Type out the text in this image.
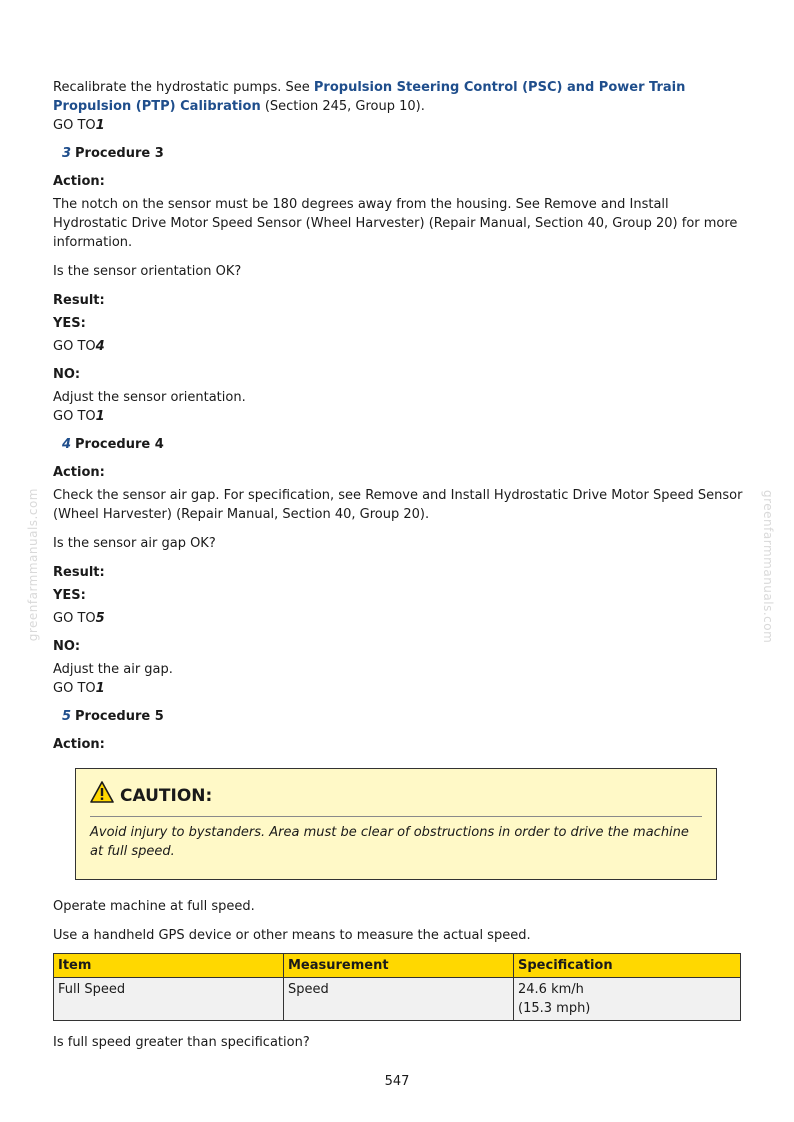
Recalibrate the hydrostatic pumps. See Propulsion Steering Control (PSC) and Power Train Propulsion (PTP) Calibration (Section 245, Group 10).

GO TO1

3 Procedure 3

Action:

The notch on the sensor must be 180 degrees away from the housing. See Remove and Install Hydrostatic Drive Motor Speed Sensor (Wheel Harvester) (Repair Manual, Section 40, Group 20) for more information.

Is the sensor orientation OK?

Result:

YES:

GO TO4

NO:

Adjust the sensor orientation.

GO TO1

4 Procedure 4

Action:

Check the sensor air gap. For specification, see Remove and Install Hydrostatic Drive Motor Speed Sensor (Wheel Harvester) (Repair Manual, Section 40, Group 20).

Is the sensor air gap OK?

Result:

YES:

GO TO5

NO:

Adjust the air gap.

GO TO1

5 Procedure 5

Action:

CAUTION:

Avoid injury to bystanders. Area must be clear of obstructions in order to drive the machine at full speed.

Operate machine at full speed.

Use a handheld GPS device or other means to measure the actual speed.

Item	Measurement	Specification
Full Speed	Speed	24.6 km/h
(15.3 mph)

Is full speed greater than specification?

547
greenfarmmanuals.com	greenfarmmanuals.com
